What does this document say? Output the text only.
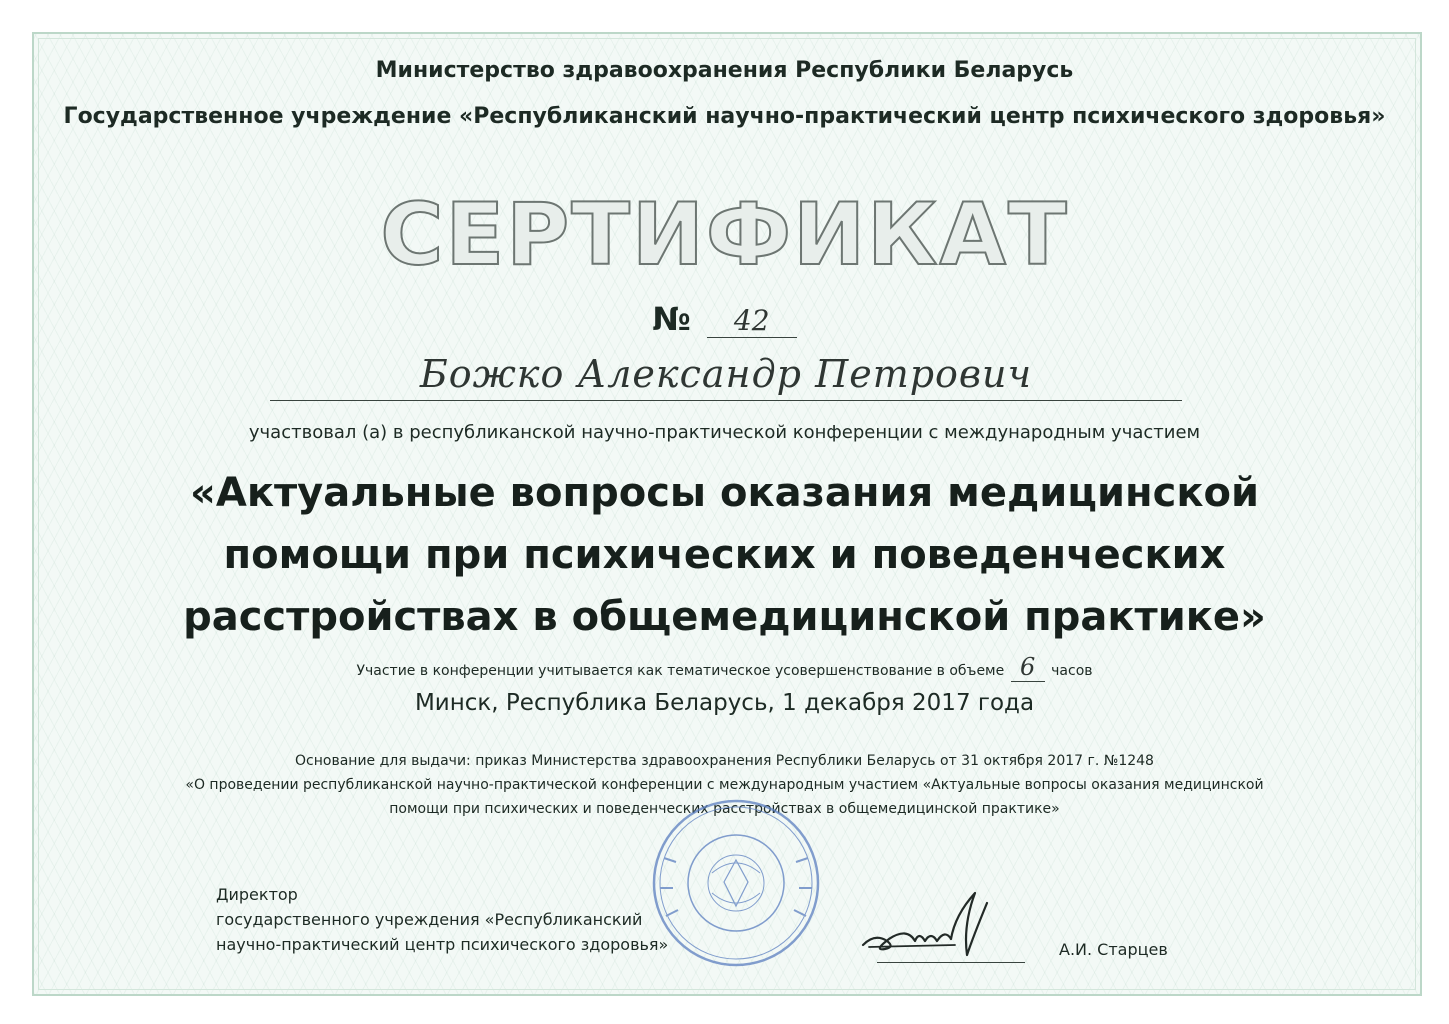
Министерство здравоохранения Республики Беларусь
Государственное учреждение «Республиканский научно-практический центр психического здоровья»
СЕРТИФИКАТ
№ 42
Божко Александр Петрович
участвовал (а) в республиканской научно-практической конференции с международным участием
«Актуальные вопросы оказания медицинской
помощи при психических и поведенческих
расстройствах в общемедицинской практике»
Участие в конференции учитывается как тематическое усовершенствование в объеме 6 часов
Минск, Республика Беларусь, 1 декабря 2017 года
Основание для выдачи: приказ Министерства здравоохранения Республики Беларусь от 31 октября 2017 г. №1248
«О проведении республиканской научно-практической конференции с международным участием «Актуальные вопросы оказания медицинской
помощи при психических и поведенческих расстройствах в общемедицинской практике»
Директор
государственного учреждения «Республиканский
научно-практический центр психического здоровья»	А.И. Старцев
